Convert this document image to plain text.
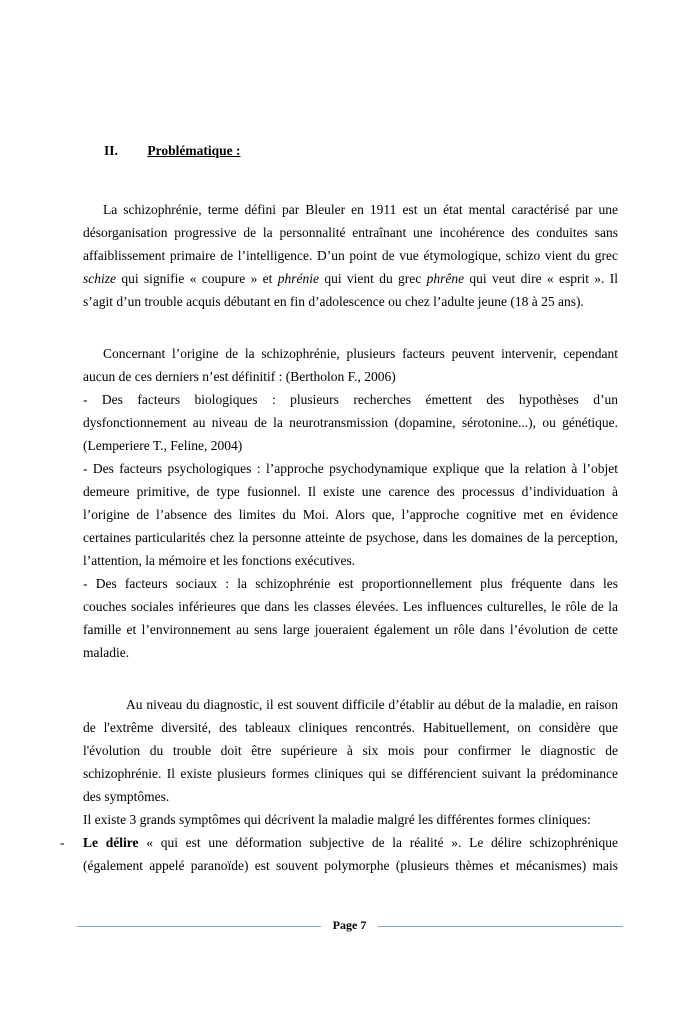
II. Problématique :
La schizophrénie, terme défini par Bleuler en 1911 est un état mental caractérisé par une
désorganisation progressive de la personnalité entraînant une incohérence des conduites sans
affaiblissement primaire de l’intelligence. D’un point de vue étymologique, schizo vient du grec
schize qui signifie « coupure » et phrénie qui vient du grec phrêne qui veut dire « esprit ». Il
s’agit d’un trouble acquis débutant en fin d’adolescence ou chez l’adulte jeune (18 à 25 ans).
Concernant l’origine de la schizophrénie, plusieurs facteurs peuvent intervenir, cependant
aucun de ces derniers n’est définitif : (Bertholon F., 2006)
- Des facteurs biologiques : plusieurs recherches émettent des hypothèses d’un
dysfonctionnement au niveau de la neurotransmission (dopamine, sérotonine...), ou génétique.
(Lemperiere T., Feline, 2004)
- Des facteurs psychologiques : l’approche psychodynamique explique que la relation à l’objet
demeure primitive, de type fusionnel. Il existe une carence des processus d’individuation à
l’origine de l’absence des limites du Moi. Alors que, l’approche cognitive met en évidence
certaines particularités chez la personne atteinte de psychose, dans les domaines de la perception,
l’attention, la mémoire et les fonctions exécutives.
- Des facteurs sociaux : la schizophrénie est proportionnellement plus fréquente dans les
couches sociales inférieures que dans les classes élevées. Les influences culturelles, le rôle de la
famille et l’environnement au sens large joueraient également un rôle dans l’évolution de cette
maladie.
Au niveau du diagnostic, il est souvent difficile d’établir au début de la maladie, en raison
de l'extrême diversité, des tableaux cliniques rencontrés. Habituellement, on considère que
l'évolution du trouble doit être supérieure à six mois pour confirmer le diagnostic de
schizophrénie. Il existe plusieurs formes cliniques qui se différencient suivant la prédominance
des symptômes.
Il existe 3 grands symptômes qui décrivent la maladie malgré les différentes formes cliniques:
- Le délire « qui est une déformation subjective de la réalité ». Le délire schizophrénique
(également appelé paranoïde) est souvent polymorphe (plusieurs thèmes et mécanismes) mais
Page 7
